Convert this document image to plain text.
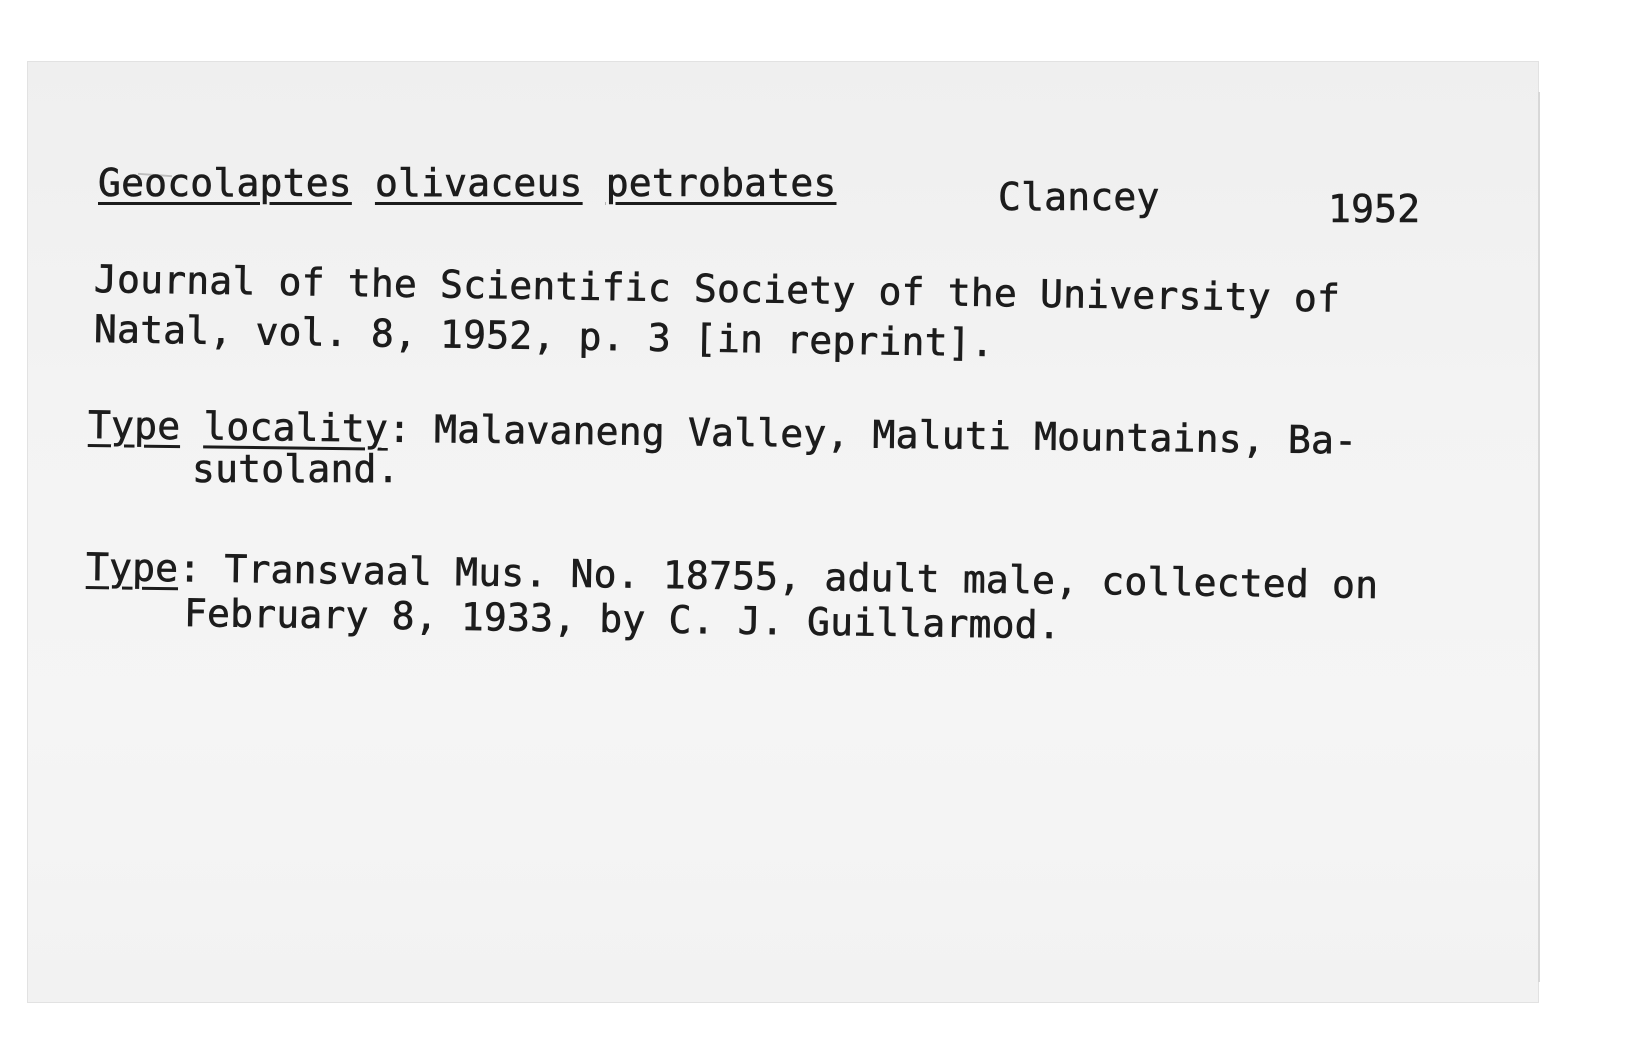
Geocolaptes olivaceus petrobates	Clancey	1952
Journal of the Scientific Society of the University of
Natal, vol. 8, 1952, p. 3 [in reprint].
Type locality: Malavaneng Valley, Maluti Mountains, Ba-
sutoland.
Type: Transvaal Mus. No. 18755, adult male, collected on
February 8, 1933, by C. J. Guillarmod.
